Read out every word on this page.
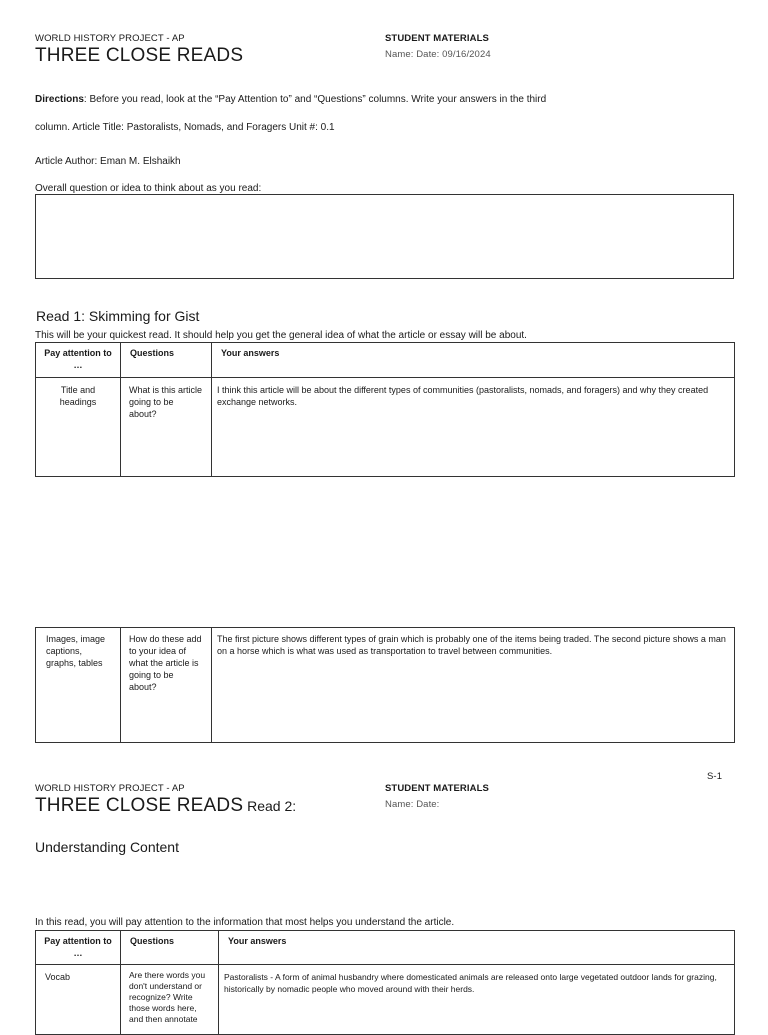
WORLD HISTORY PROJECT - AP
THREE CLOSE READS
STUDENT MATERIALS
Name: Date: 09/16/2024
Directions: Before you read, look at the “Pay Attention to” and “Questions” columns. Write your answers in the third
column. Article Title: Pastoralists, Nomads, and Foragers Unit #: 0.1
Article Author: Eman M. Elshaikh
Overall question or idea to think about as you read:
Read 1: Skimming for Gist
This will be your quickest read. It should help you get the general idea of what the article or essay will be about.
Pay attention to …	Questions	Your answers
Title and headings	What is this article going to be about?	I think this article will be about the different types of communities (pastoralists, nomads, and foragers) and why they created exchange networks.
Images, image captions, graphs, tables	How do these add to your idea of what the article is going to be about?	The first picture shows different types of grain which is probably one of the items being traded. The second picture shows a man on a horse which is what was used as transportation to travel between communities.
S-1
WORLD HISTORY PROJECT - AP
THREE CLOSE READS Read 2:
STUDENT MATERIALS
Name: Date:
Understanding Content
In this read, you will pay attention to the information that most helps you understand the article.
Pay attention to …	Questions	Your answers
Vocab	Are there words you don't understand or recognize? Write those words here, and then annotate	Pastoralists - A form of animal husbandry where domesticated animals are released onto large vegetated outdoor lands for grazing, historically by nomadic people who moved around with their herds.
